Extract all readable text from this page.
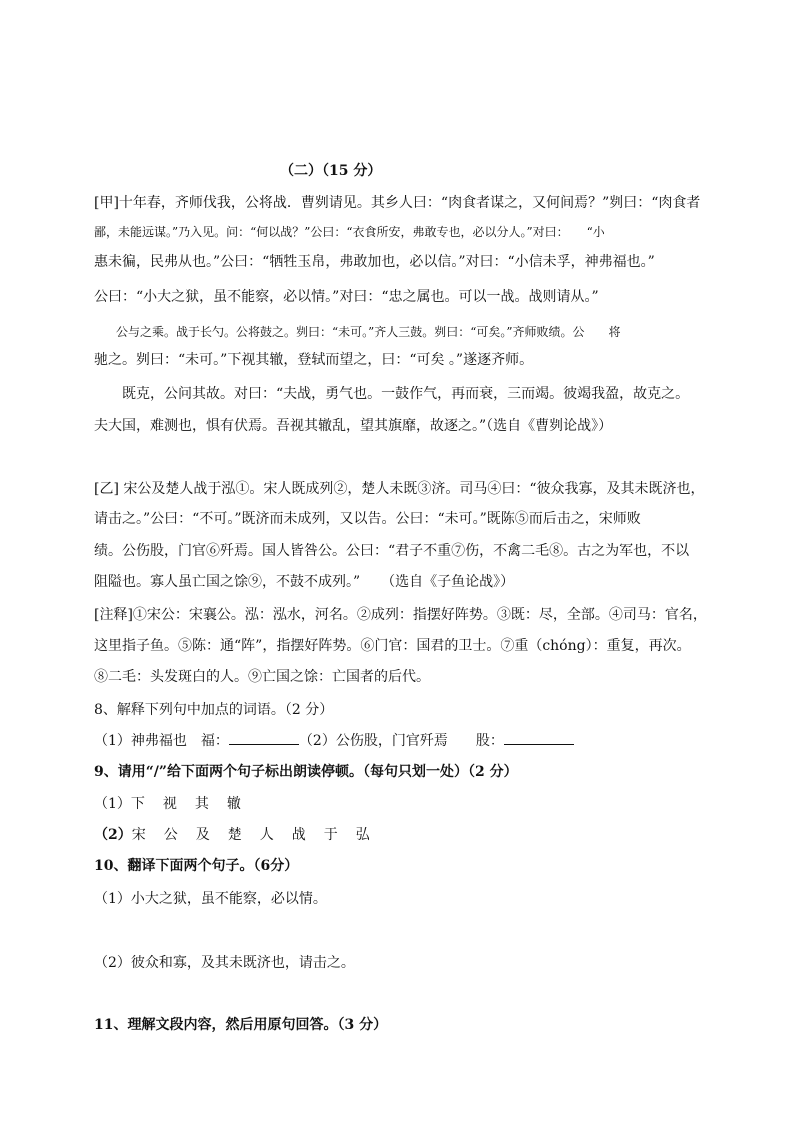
（二）（15 分）
[甲]十年春，齐师伐我，公将战．曹刿请见。其乡人曰：“肉食者谋之，又何间焉？”刿曰：“肉食者
鄙，未能远谋。”乃入见。问：“何以战？”公曰：“衣食所安，弗敢专也，必以分人。”对曰：　　“小
惠未徧，民弗从也。”公曰：“牺牲玉帛，弗敢加也，必以信。”对曰：“小信未孚，神弗福也。”
公曰：“小大之狱，虽不能察，必以情。”对曰：“忠之属也。可以一战。战则请从。”
公与之乘。战于长勺。公将鼓之。刿曰：“未可。”齐人三鼓。刿曰：“可矣。”齐师败绩。公　　将
驰之。刿曰：“未可。”下视其辙，登轼而望之，曰：“可矣 。”遂逐齐师。
既克，公问其故。对曰：“夫战，勇气也。一鼓作气，再而衰，三而竭。彼竭我盈，故克之。
夫大国，难测也，惧有伏焉。吾视其辙乱，望其旗靡，故逐之。”（选自《曹刿论战》）
[乙] 宋公及楚人战于泓①。宋人既成列②，楚人未既③济。司马④曰：“彼众我寡，及其未既济也，
请击之。”公曰：“不可。”既济而未成列，又以告。公曰：“未可。”既陈⑤而后击之，宋师败
绩。公伤股，门官⑥歼焉。国人皆咎公。公曰：“君子不重⑦伤，不禽二毛⑧。古之为军也，不以
阻隘也。寡人虽亡国之馀⑨，不鼓不成列。”　　（选自《子鱼论战》）
[注释]①宋公：宋襄公。泓：泓水，河名。②成列：指摆好阵势。③既：尽，全部。④司马：官名，
这里指子鱼。⑤陈：通“阵”，指摆好阵势。⑥门官：国君的卫士。⑦重（chóng）：重复，再次。
⑧二毛：头发斑白的人。⑨亡国之馀：亡国者的后代。
8、解释下列句中加点的词语。（2 分）
（1）神弗福也　福：	（2）公伤股，门官歼焉　　股：
9、请用“/”给下面两个句子标出朗读停顿。（每句只划一处）（2 分）
（1）下视其辙
（2）宋公及楚人战于弘
10、翻译下面两个句子。（6分）
（1）小大之狱，虽不能察，必以情。
（2）彼众和寡，及其未既济也，请击之。
11、理解文段内容，然后用原句回答。（3 分）
